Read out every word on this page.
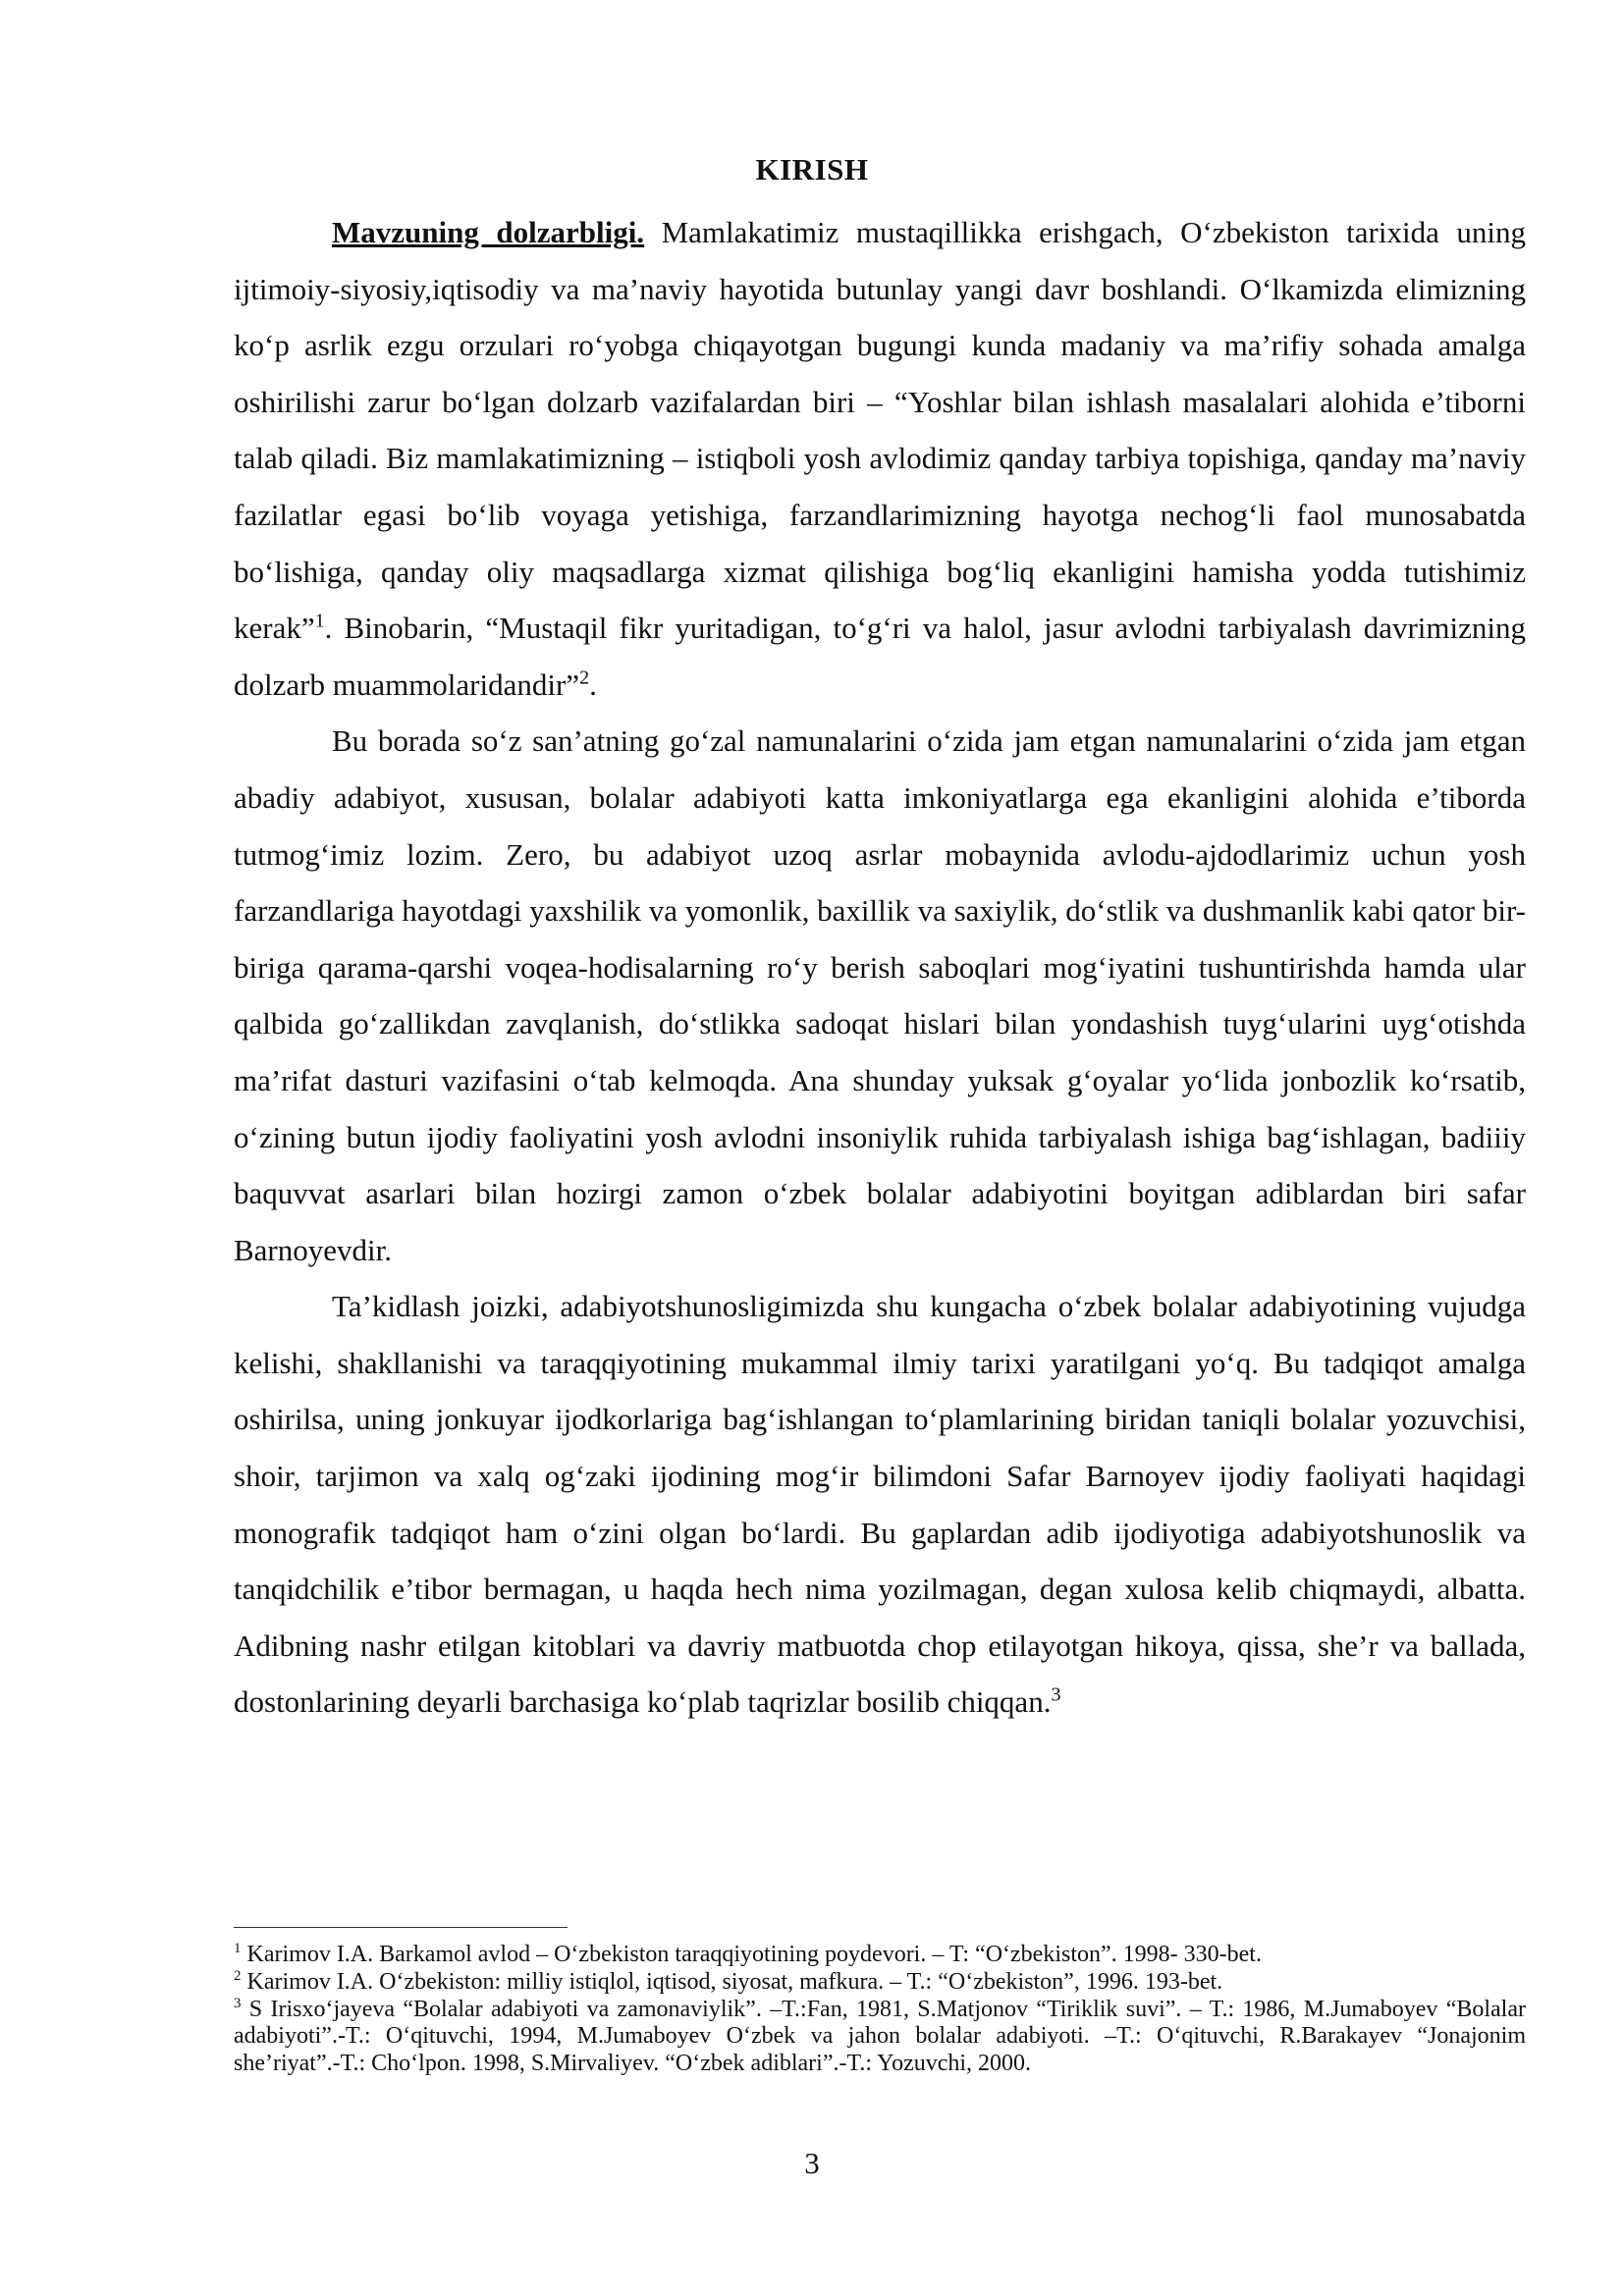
KIRISH

Mavzuning dolzarbligi. Mamlakatimiz mustaqillikka erishgach, O‘zbekiston tarixida uning ijtimoiy-siyosiy,iqtisodiy va ma’naviy hayotida butunlay yangi davr boshlandi. O‘lkamizda elimizning ko‘p asrlik ezgu orzulari ro‘yobga chiqayotgan bugungi kunda madaniy va ma’rifiy sohada amalga oshirilishi zarur bo‘lgan dolzarb vazifalardan biri – “Yoshlar bilan ishlash masalalari alohida e’tiborni talab qiladi. Biz mamlakatimizning – istiqboli yosh avlodimiz qanday tarbiya topishiga, qanday ma’naviy fazilatlar egasi bo‘lib voyaga yetishiga, farzandlarimizning hayotga nechog‘li faol munosabatda bo‘lishiga, qanday oliy maqsadlarga xizmat qilishiga bog‘liq ekanligini hamisha yodda tutishimiz kerak”$^1$. Binobarin, “Mustaqil fikr yuritadigan, to‘g‘ri va halol, jasur avlodni tarbiyalash davrimizning dolzarb muammolaridandir”$^2$.

Bu borada so‘z san’atning go‘zal namunalarini o‘zida jam etgan namunalarini o‘zida jam etgan abadiy adabiyot, xususan, bolalar adabiyoti katta imkoniyatlarga ega ekanligini alohida e’tiborda tutmog‘imiz lozim. Zero, bu adabiyot uzoq asrlar mobaynida avlodu-ajdodlarimiz uchun yosh farzandlariga hayotdagi yaxshilik va yomonlik, baxillik va saxiylik, do‘stlik va dushmanlik kabi qator bir-biriga qarama-qarshi voqea-hodisalarning ro‘y berish saboqlari mog‘iyatini tushuntirishda hamda ular qalbida go‘zallikdan zavqlanish, do‘stlikka sadoqat hislari bilan yondashish tuyg‘ularini uyg‘otishda ma’rifat dasturi vazifasini o‘tab kelmoqda. Ana shunday yuksak g‘oyalar yo‘lida jonbozlik ko‘rsatib, o‘zining butun ijodiy faoliyatini yosh avlodni insoniylik ruhida tarbiyalash ishiga bag‘ishlagan, badiiiy baquvvat asarlari bilan hozirgi zamon o‘zbek bolalar adabiyotini boyitgan adiblardan biri safar Barnoyevdir.

Ta’kidlash joizki, adabiyotshunosligimizda shu kungacha o‘zbek bolalar adabiyotining vujudga kelishi, shakllanishi va taraqqiyotining mukammal ilmiy tarixi yaratilgani yo‘q. Bu tadqiqot amalga oshirilsa, uning jonkuyar ijodkorlariga bag‘ishlangan to‘plamlarining biridan taniqli bolalar yozuvchisi, shoir, tarjimon va xalq og‘zaki ijodining mog‘ir bilimdoni Safar Barnoyev ijodiy faoliyati haqidagi monografik tadqiqot ham o‘zini olgan bo‘lardi. Bu gaplardan adib ijodiyotiga adabiyotshunoslik va tanqidchilik e’tibor bermagan, u haqda hech nima yozilmagan, degan xulosa kelib chiqmaydi, albatta. Adibning nashr etilgan kitoblari va davriy matbuotda chop etilayotgan hikoya, qissa, she’r va ballada, dostonlarining deyarli barchasiga ko‘plab taqrizlar bosilib chiqqan.$^3$

$^1$ Karimov I.A. Barkamol avlod – O‘zbekiston taraqqiyotining poydevori. – T: “O‘zbekiston”. 1998- 330-bet.

$^2$ Karimov I.A. O‘zbekiston: milliy istiqlol, iqtisod, siyosat, mafkura. – T.: “O‘zbekiston”, 1996. 193-bet.

$^3$ S Irisxo‘jayeva “Bolalar adabiyoti va zamonaviylik”. –T.:Fan, 1981, S.Matjonov “Tiriklik suvi”. – T.: 1986, M.Jumaboyev “Bolalar adabiyoti”.-T.: O‘qituvchi, 1994, M.Jumaboyev O‘zbek va jahon bolalar adabiyoti. –T.: O‘qituvchi, R.Barakayev “Jonajonim she’riyat”.-T.: Cho‘lpon. 1998, S.Mirvaliyev. “O‘zbek adiblari”.-T.: Yozuvchi, 2000.

3
